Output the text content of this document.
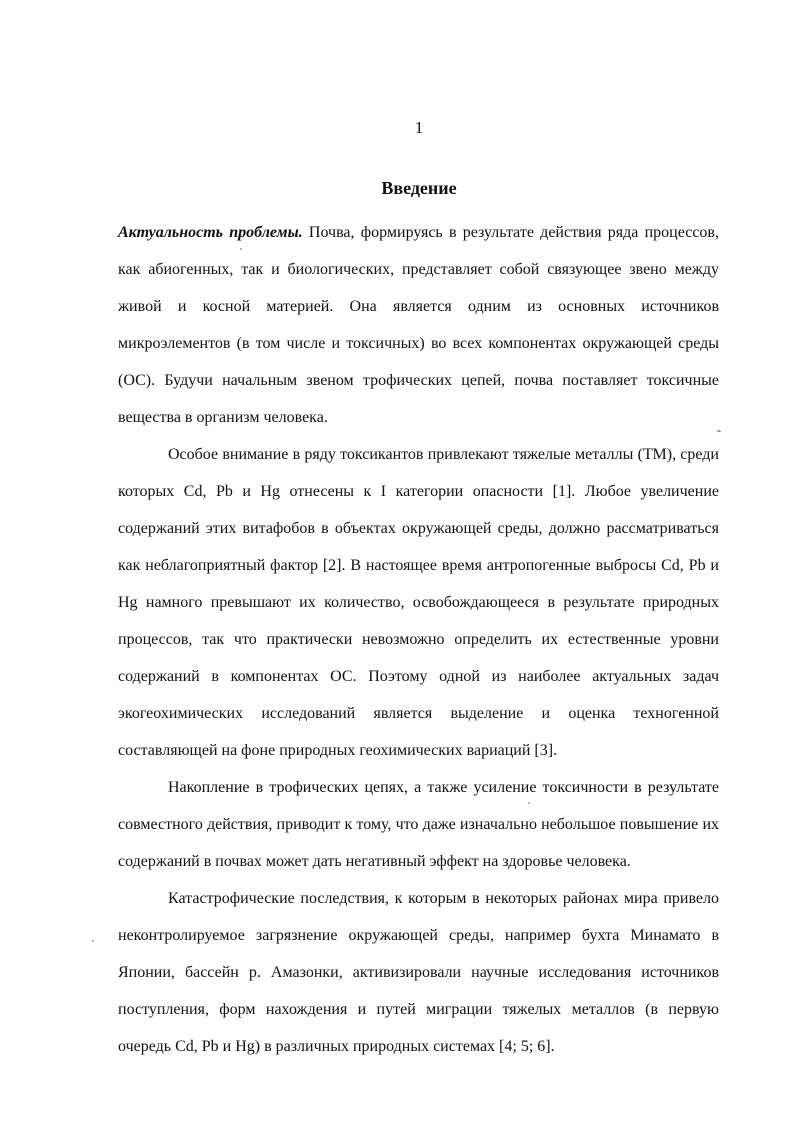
1
Введение

Актуальность проблемы. Почва, формируясь в результате действия ряда процессов, как абиогенных, так и биологических, представляет собой связующее звено между живой и косной материей. Она является одним из основных источников микроэлементов (в том числе и токсичных) во всех компонентах окружающей среды (ОС). Будучи начальным звеном трофических цепей, почва поставляет токсичные вещества в организм человека.

Особое внимание в ряду токсикантов привлекают тяжелые металлы (ТМ), среди которых Cd, Pb и Hg отнесены к I категории опасности [1]. Любое увеличение содержаний этих витафобов в объектах окружающей среды, должно рассматриваться как неблагоприятный фактор [2]. В настоящее время антропогенные выбросы Cd, Pb и Hg намного превышают их количество, освобождающееся в результате природных процессов, так что практически невозможно определить их естественные уровни содержаний в компонентах ОС. Поэтому одной из наиболее актуальных задач экогеохимических исследований является выделение и оценка техногенной составляющей на фоне природных геохимических вариаций [3].

Накопление в трофических цепях, а также усиление токсичности в результате совместного действия, приводит к тому, что даже изначально небольшое повышение их содержаний в почвах может дать негативный эффект на здоровье человека.

Катастрофические последствия, к которым в некоторых районах мира привело неконтролируемое загрязнение окружающей среды, например бухта Минамато в Японии, бассейн р. Амазонки, активизировали научные исследования источников поступления, форм нахождения и путей миграции тяжелых металлов (в первую очередь Cd, Pb и Hg) в различных природных системах [4; 5; 6].
